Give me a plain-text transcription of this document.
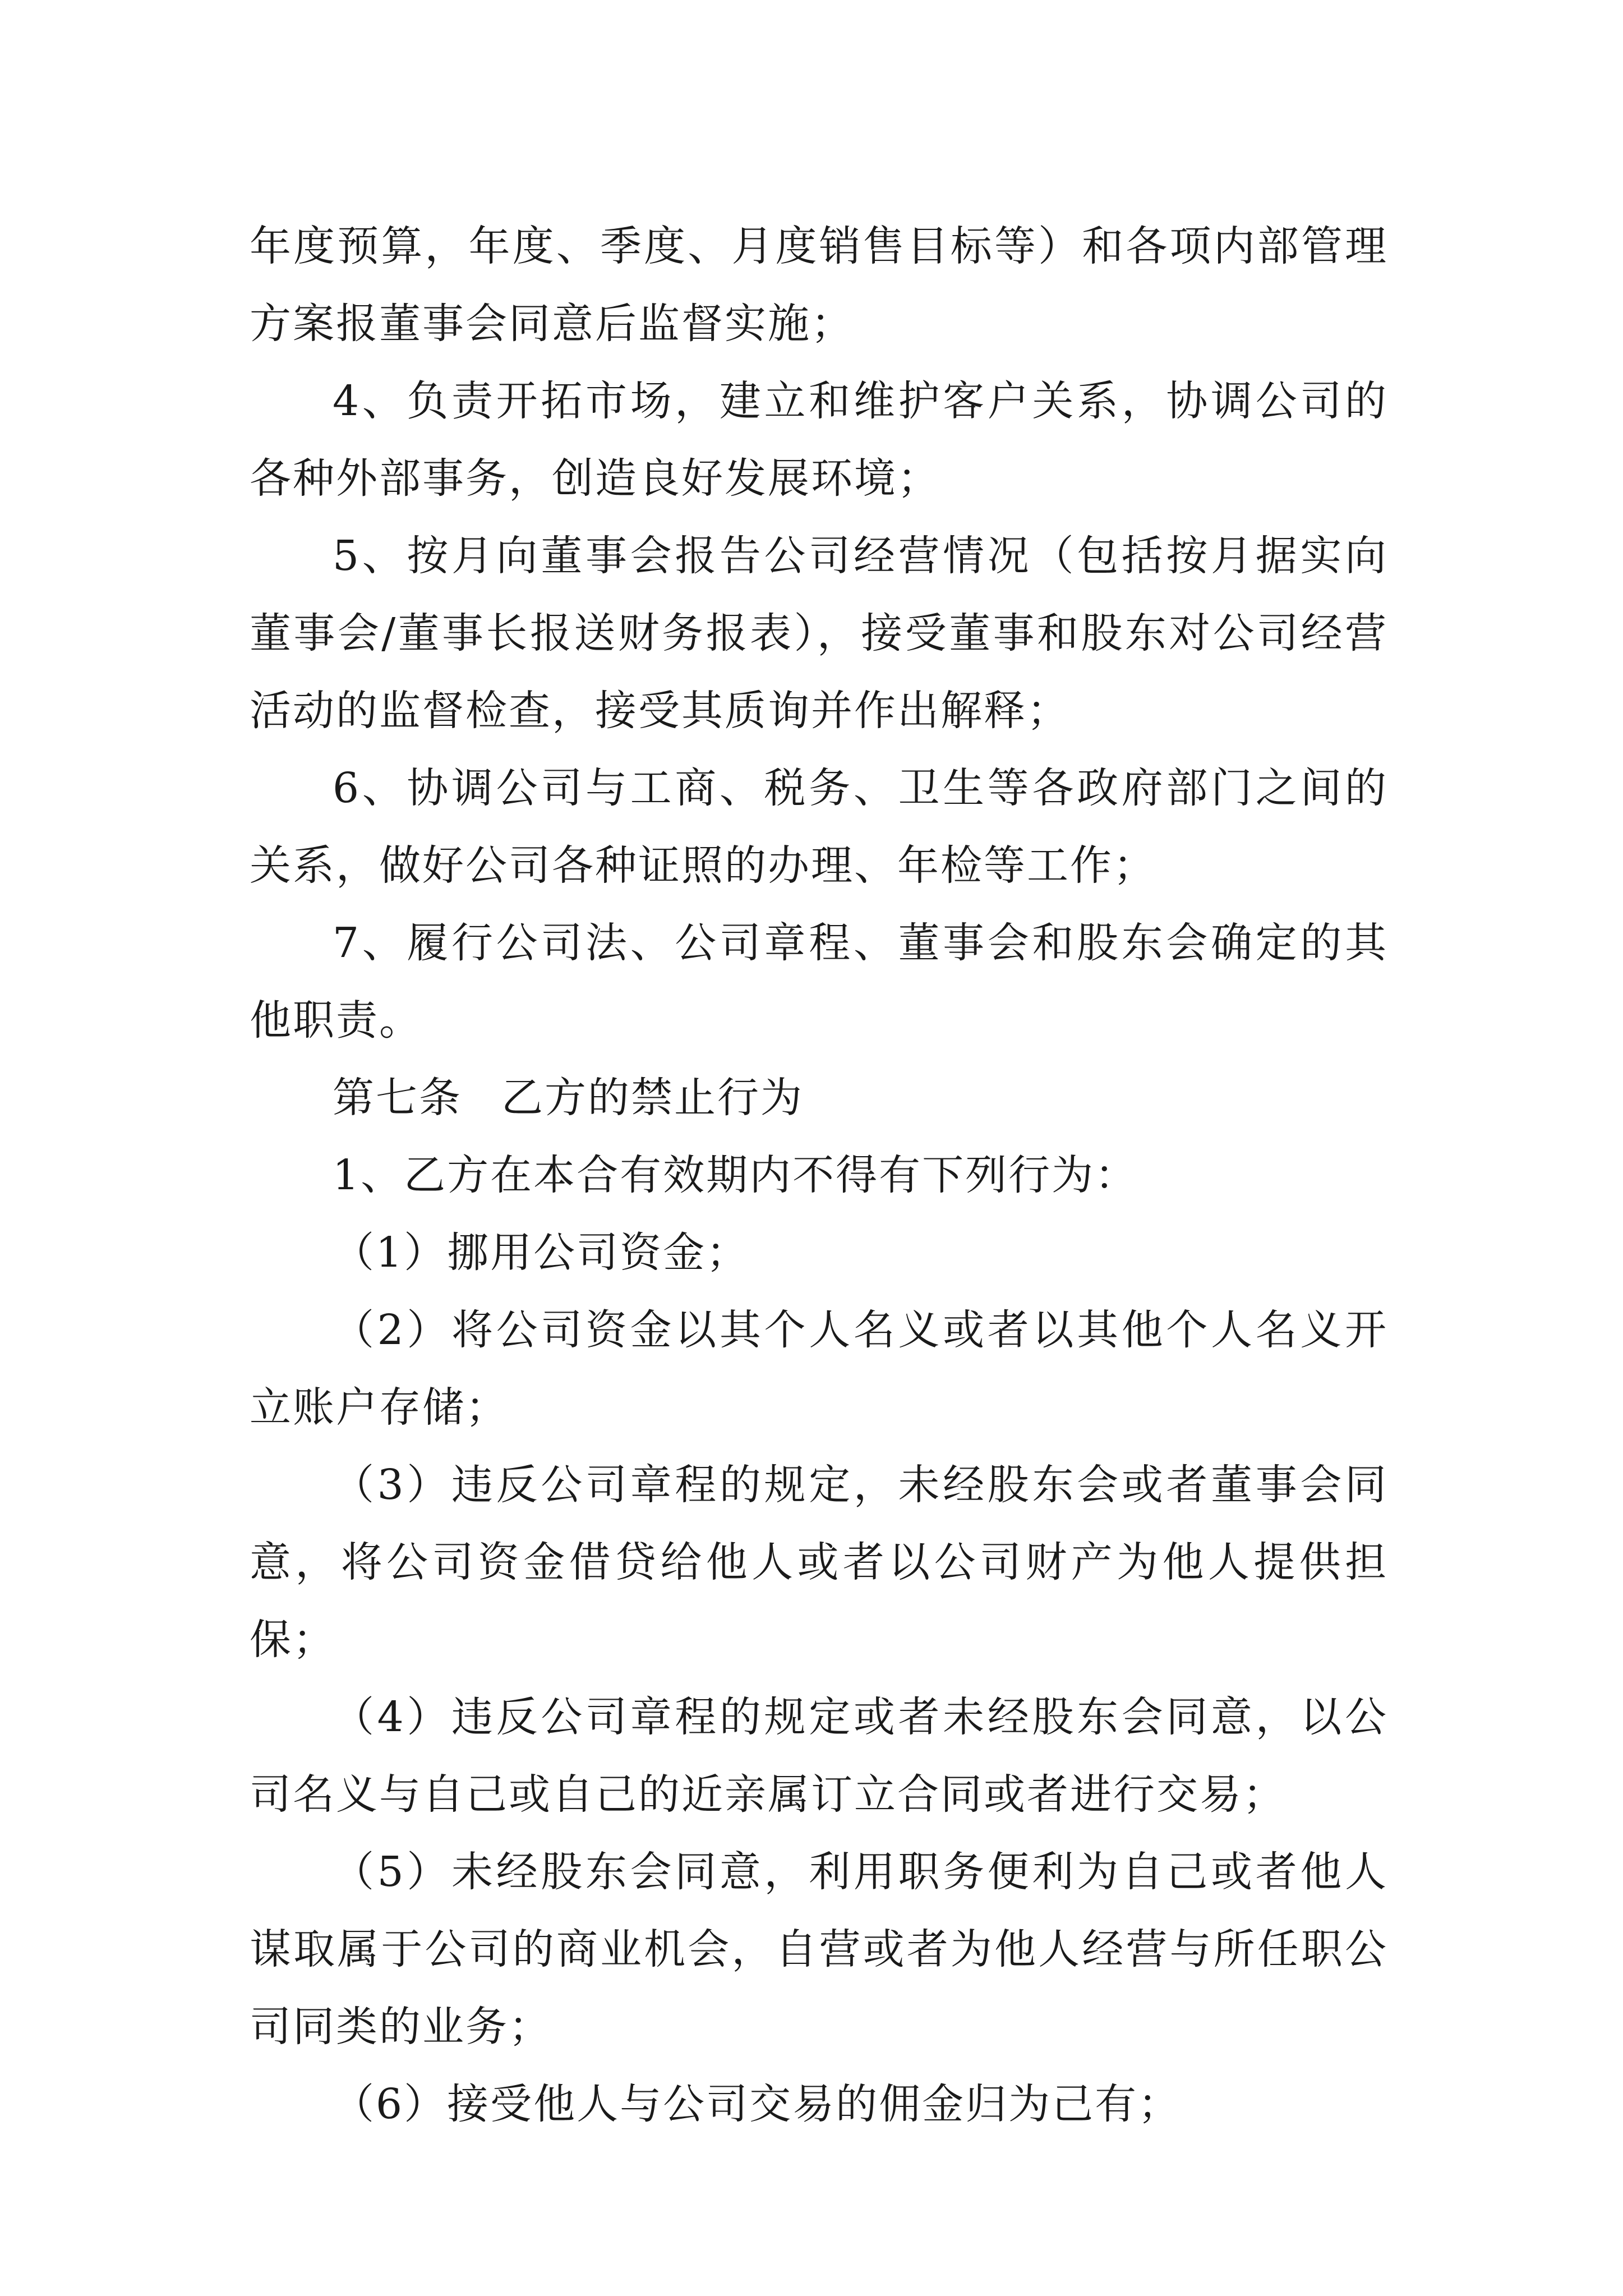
年度预算，年度、季度、月度销售目标等）和各项内部管理方案报董事会同意后监督实施；

4、负责开拓市场，建立和维护客户关系，协调公司的各种外部事务，创造良好发展环境；

5、按月向董事会报告公司经营情况（包括按月据实向董事会/董事长报送财务报表），接受董事和股东对公司经营活动的监督检查，接受其质询并作出解释；

6、协调公司与工商、税务、卫生等各政府部门之间的关系，做好公司各种证照的办理、年检等工作；

7、履行公司法、公司章程、董事会和股东会确定的其他职责。

第七条 乙方的禁止行为

1、乙方在本合有效期内不得有下列行为：

（1）挪用公司资金；

（2）将公司资金以其个人名义或者以其他个人名义开立账户存储；

（3）违反公司章程的规定，未经股东会或者董事会同意，将公司资金借贷给他人或者以公司财产为他人提供担保；

（4）违反公司章程的规定或者未经股东会同意，以公司名义与自己或自己的近亲属订立合同或者进行交易；

（5）未经股东会同意，利用职务便利为自己或者他人谋取属于公司的商业机会，自营或者为他人经营与所任职公司同类的业务；

（6）接受他人与公司交易的佣金归为己有；
